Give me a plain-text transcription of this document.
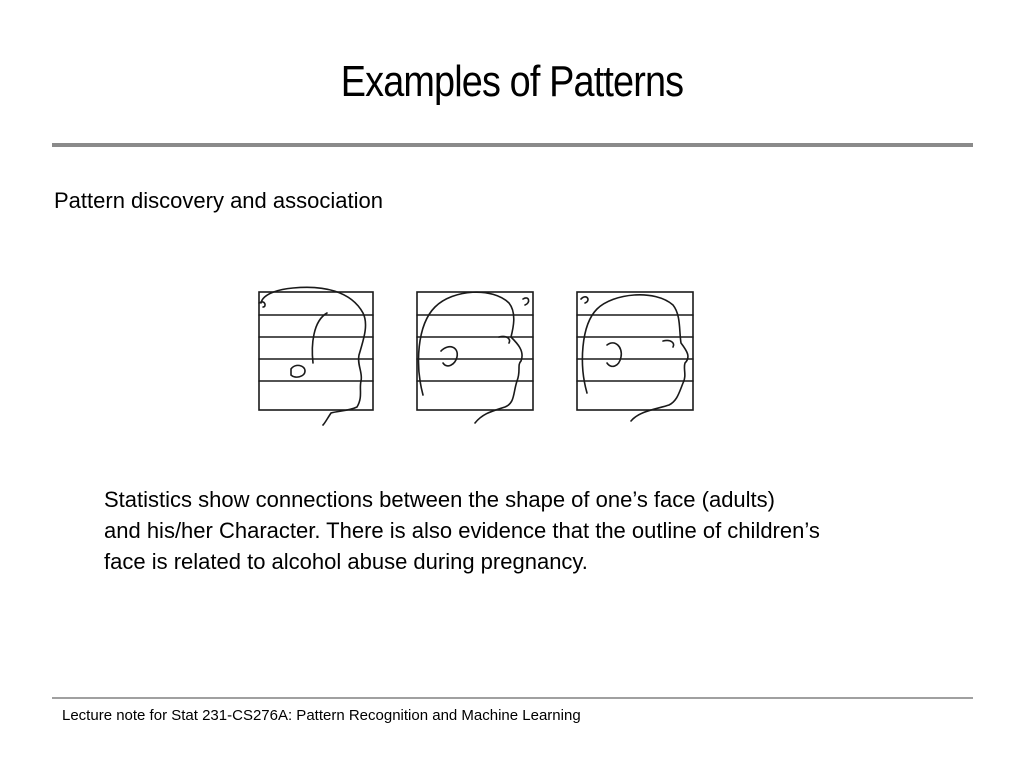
Examples of Patterns
Pattern discovery and association
Statistics show connections between the shape of one’s face (adults)
and his/her Character. There is also evidence that the outline of children’s
face is related to alcohol abuse during pregnancy.
Lecture note for Stat 231-CS276A: Pattern Recognition and Machine Learning
